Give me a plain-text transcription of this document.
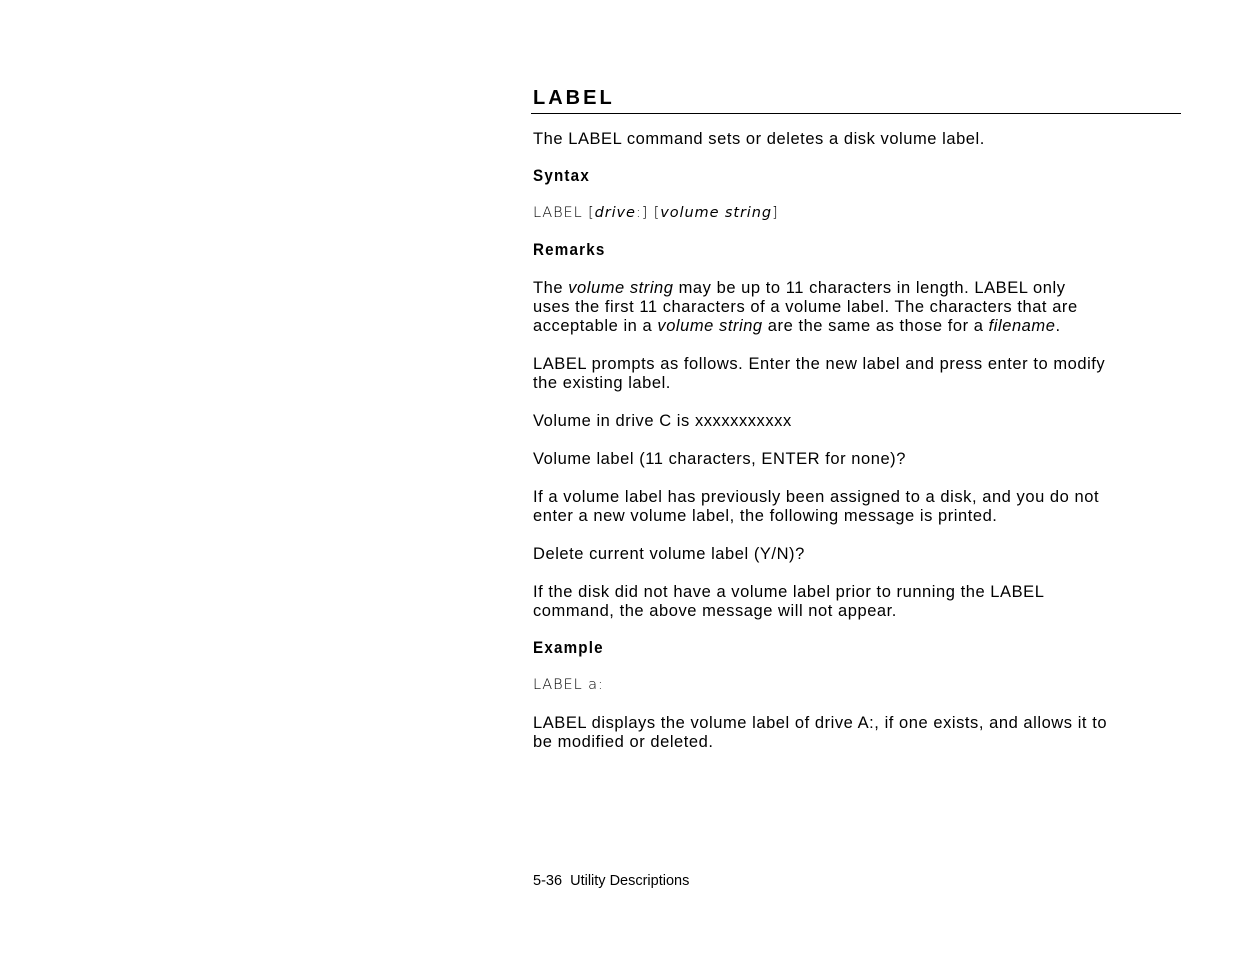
LABEL

The LABEL command sets or deletes a disk volume label.

Syntax
LABEL [drive:] [volume string]
Remarks

The volume string may be up to 11 characters in length. LABEL only
uses the first 11 characters of a volume label. The characters that are
acceptable in a volume string are the same as those for a filename.

LABEL prompts as follows. Enter the new label and press enter to modify
the existing label.

Volume in drive C is xxxxxxxxxxx

Volume label (11 characters, ENTER for none)?

If a volume label has previously been assigned to a disk, and you do not
enter a new volume label, the following message is printed.

Delete current volume label (Y/N)?

If the disk did not have a volume label prior to running the LABEL
command, the above message will not appear.

Example
LABEL a:

LABEL displays the volume label of drive A:, if one exists, and allows it to
be modified or deleted.

5-36 Utility Descriptions
